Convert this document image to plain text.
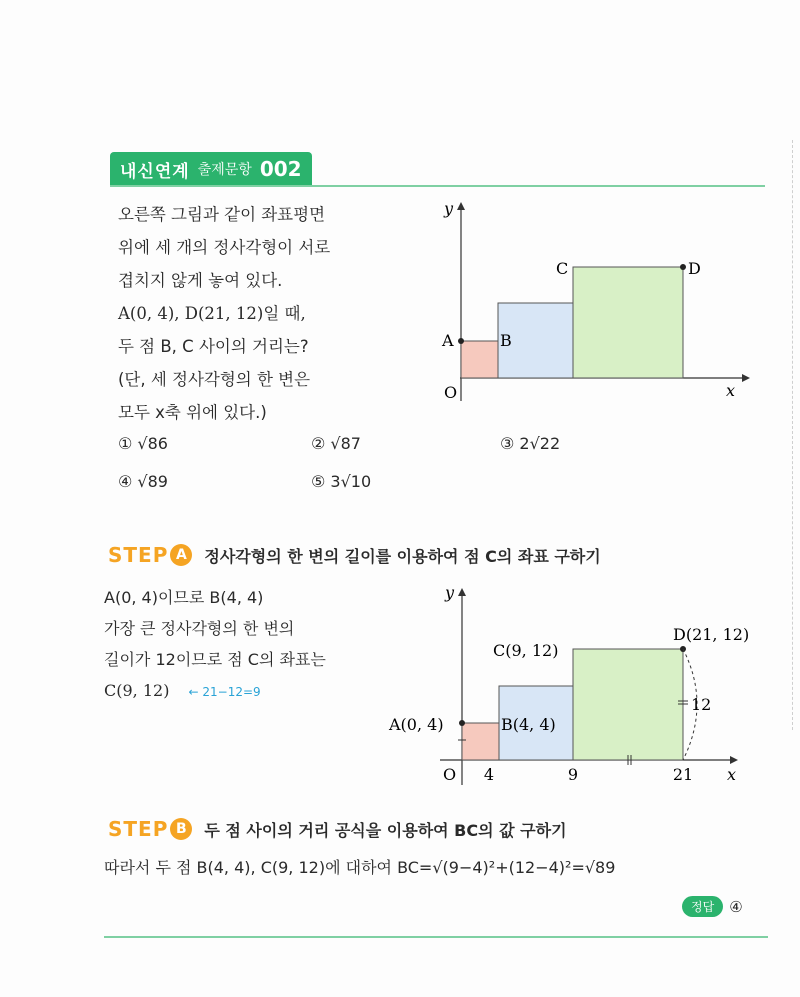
내신연계 출제문항 002
오른쪽 그림과 같이 좌표평면
위에 세 개의 정사각형이 서로
겹치지 않게 놓여 있다.
A(0, 4), D(21, 12)일 때,
두 점 B, C 사이의 거리는?
(단, 세 정사각형의 한 변은
모두 x축 위에 있다.)
① √86	② √87	③ 2√22
④ √89	⑤ 3√10
y
x
O
A	B
C	D
STEP A	정사각형의 한 변의 길이를 이용하여 점 C의 좌표 구하기
A(0, 4)이므로 B(4, 4)
가장 큰 정사각형의 한 변의
길이가 12이므로 점 C의 좌표는
C(9, 12) ← 21−12=9
y
x
O
A(0, 4)	B(4, 4)
C(9, 12)
D(21, 12)
12
4	9	21
STEP B	두 점 사이의 거리 공식을 이용하여 BC의 값 구하기
따라서 두 점 B(4, 4), C(9, 12)에 대하여 BC=√(9−4)²+(12−4)²=√89
정답	④
